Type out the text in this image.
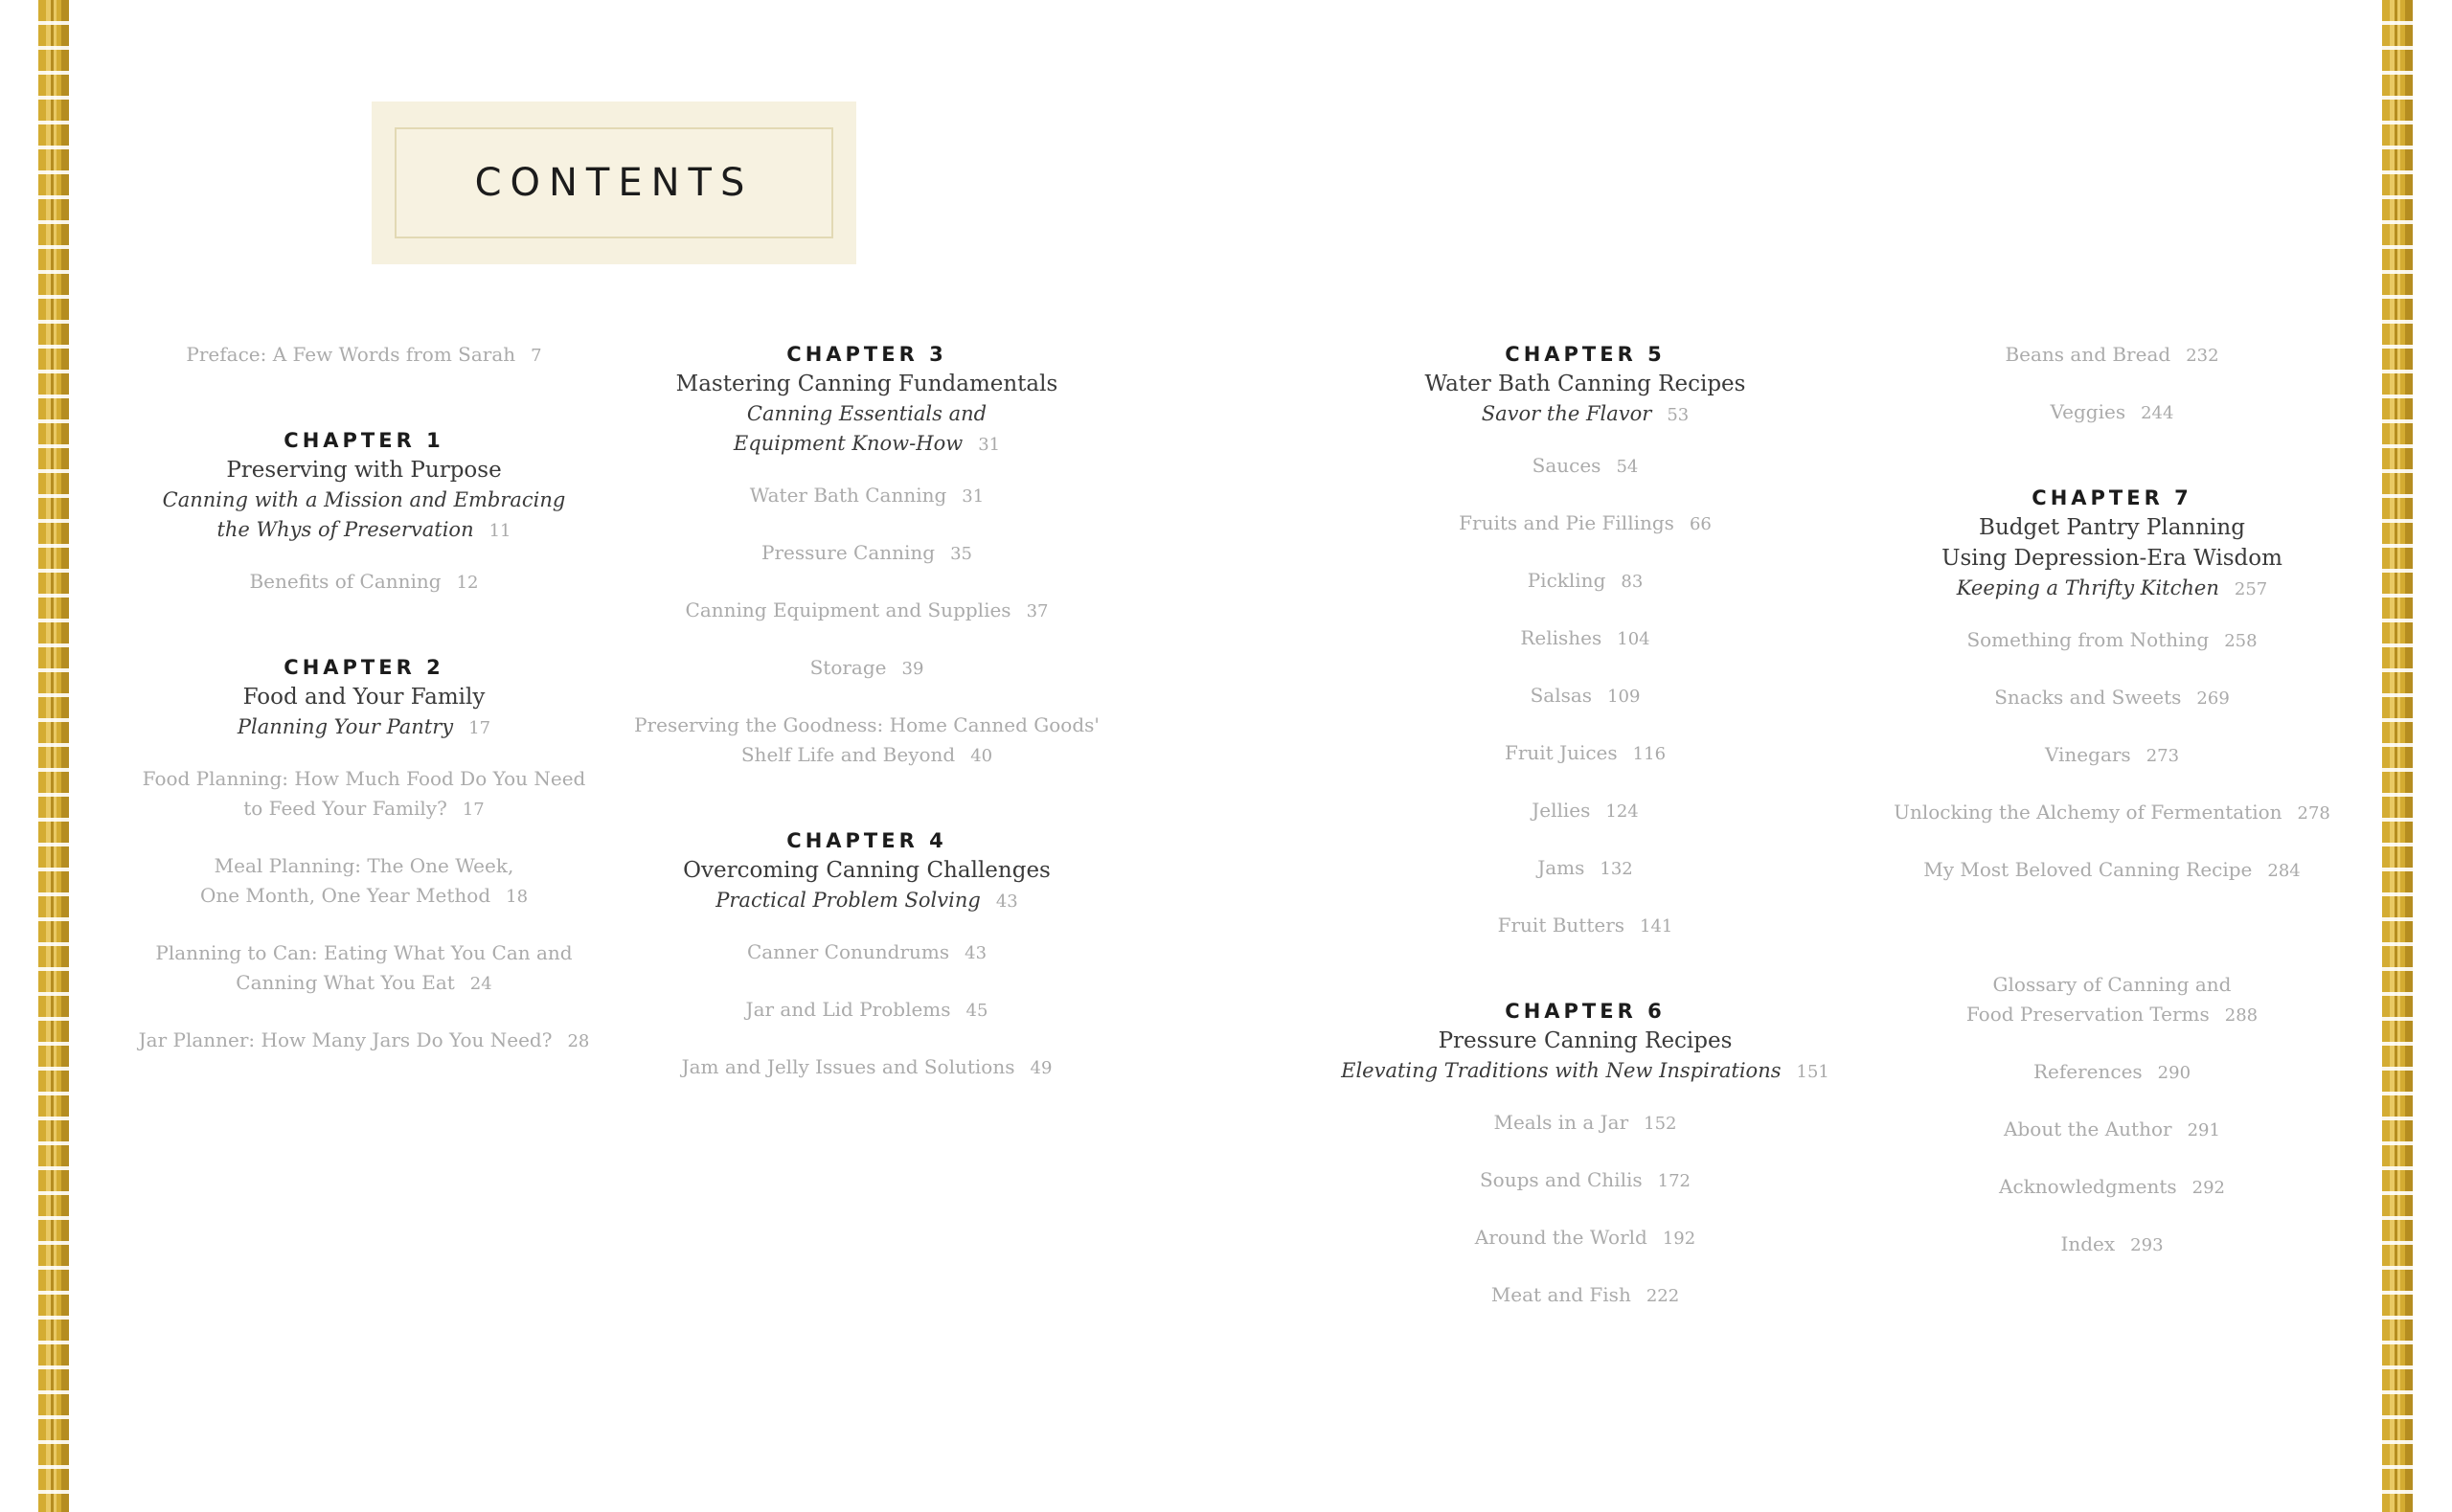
CONTENTS
Preface: A Few Words from Sarah 7
CHAPTER 1
Preserving with Purpose
Canning with a Mission and Embracing
the Whys of Preservation 11
Benefits of Canning 12
CHAPTER 2
Food and Your Family
Planning Your Pantry 17
Food Planning: How Much Food Do You Need
to Feed Your Family? 17
Meal Planning: The One Week,
One Month, One Year Method 18
Planning to Can: Eating What You Can and
Canning What You Eat 24
Jar Planner: How Many Jars Do You Need? 28
CHAPTER 3
Mastering Canning Fundamentals
Canning Essentials and
Equipment Know-How 31
Water Bath Canning 31
Pressure Canning 35
Canning Equipment and Supplies 37
Storage 39
Preserving the Goodness: Home Canned Goods'
Shelf Life and Beyond 40
CHAPTER 4
Overcoming Canning Challenges
Practical Problem Solving 43
Canner Conundrums 43
Jar and Lid Problems 45
Jam and Jelly Issues and Solutions 49
CHAPTER 5
Water Bath Canning Recipes
Savor the Flavor 53
Sauces 54
Fruits and Pie Fillings 66
Pickling 83
Relishes 104
Salsas 109
Fruit Juices 116
Jellies 124
Jams 132
Fruit Butters 141
CHAPTER 6
Pressure Canning Recipes
Elevating Traditions with New Inspirations 151
Meals in a Jar 152
Soups and Chilis 172
Around the World 192
Meat and Fish 222
Beans and Bread 232
Veggies 244
CHAPTER 7
Budget Pantry Planning
Using Depression-Era Wisdom
Keeping a Thrifty Kitchen 257
Something from Nothing 258
Snacks and Sweets 269
Vinegars 273
Unlocking the Alchemy of Fermentation 278
My Most Beloved Canning Recipe 284
Glossary of Canning and
Food Preservation Terms 288
References 290
About the Author 291
Acknowledgments 292
Index 293
